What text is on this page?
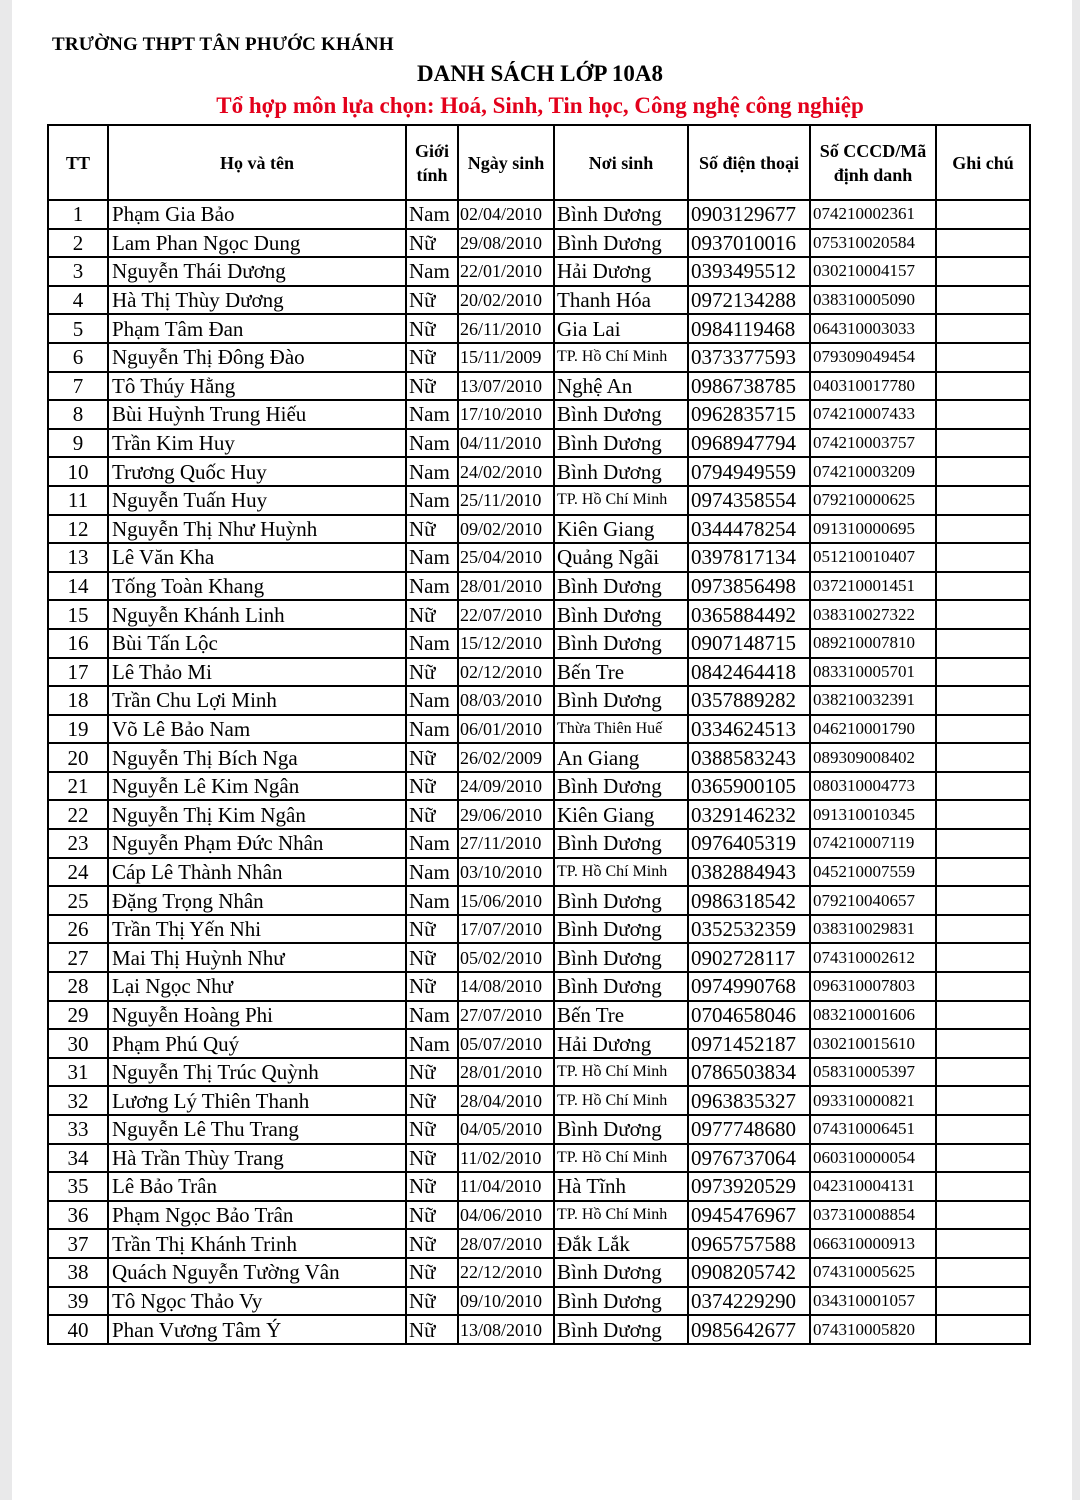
TRƯỜNG THPT TÂN PHƯỚC KHÁNH
DANH SÁCH LỚP 10A8
Tổ hợp môn lựa chọn: Hoá, Sinh, Tin học, Công nghệ công nghiệp
TT	Họ và tên	Giới tính	Ngày sinh	Nơi sinh	Số điện thoại	Số CCCD/Mã định danh	Ghi chú
1	Phạm Gia Bảo	Nam	02/04/2010	Bình Dương	0903129677	074210002361	
2	Lam Phan Ngọc Dung	Nữ	29/08/2010	Bình Dương	0937010016	075310020584	
3	Nguyễn Thái Dương	Nam	22/01/2010	Hải Dương	0393495512	030210004157	
4	Hà Thị Thùy Dương	Nữ	20/02/2010	Thanh Hóa	0972134288	038310005090	
5	Phạm Tâm Đan	Nữ	26/11/2010	Gia Lai	0984119468	064310003033	
6	Nguyễn Thị Đông Đào	Nữ	15/11/2009	TP. Hồ Chí Minh	0373377593	079309049454	
7	Tô Thúy Hằng	Nữ	13/07/2010	Nghệ An	0986738785	040310017780	
8	Bùi Huỳnh Trung Hiếu	Nam	17/10/2010	Bình Dương	0962835715	074210007433	
9	Trần Kim Huy	Nam	04/11/2010	Bình Dương	0968947794	074210003757	
10	Trương Quốc Huy	Nam	24/02/2010	Bình Dương	0794949559	074210003209	
11	Nguyễn Tuấn Huy	Nam	25/11/2010	TP. Hồ Chí Minh	0974358554	079210000625	
12	Nguyễn Thị Như Huỳnh	Nữ	09/02/2010	Kiên Giang	0344478254	091310000695	
13	Lê Văn Kha	Nam	25/04/2010	Quảng Ngãi	0397817134	051210010407	
14	Tống Toàn Khang	Nam	28/01/2010	Bình Dương	0973856498	037210001451	
15	Nguyễn Khánh Linh	Nữ	22/07/2010	Bình Dương	0365884492	038310027322	
16	Bùi Tấn Lộc	Nam	15/12/2010	Bình Dương	0907148715	089210007810	
17	Lê Thảo Mi	Nữ	02/12/2010	Bến Tre	0842464418	083310005701	
18	Trần Chu Lợi Minh	Nam	08/03/2010	Bình Dương	0357889282	038210032391	
19	Võ Lê Bảo Nam	Nam	06/01/2010	Thừa Thiên Huế	0334624513	046210001790	
20	Nguyễn Thị Bích Nga	Nữ	26/02/2009	An Giang	0388583243	089309008402	
21	Nguyễn Lê Kim Ngân	Nữ	24/09/2010	Bình Dương	0365900105	080310004773	
22	Nguyễn Thị Kim Ngân	Nữ	29/06/2010	Kiên Giang	0329146232	091310010345	
23	Nguyễn Phạm Đức Nhân	Nam	27/11/2010	Bình Dương	0976405319	074210007119	
24	Cáp Lê Thành Nhân	Nam	03/10/2010	TP. Hồ Chí Minh	0382884943	045210007559	
25	Đặng Trọng Nhân	Nam	15/06/2010	Bình Dương	0986318542	079210040657	
26	Trần Thị Yến Nhi	Nữ	17/07/2010	Bình Dương	0352532359	038310029831	
27	Mai Thị Huỳnh Như	Nữ	05/02/2010	Bình Dương	0902728117	074310002612	
28	Lại Ngọc Như	Nữ	14/08/2010	Bình Dương	0974990768	096310007803	
29	Nguyễn Hoàng Phi	Nam	27/07/2010	Bến Tre	0704658046	083210001606	
30	Phạm Phú Quý	Nam	05/07/2010	Hải Dương	0971452187	030210015610	
31	Nguyễn Thị Trúc Quỳnh	Nữ	28/01/2010	TP. Hồ Chí Minh	0786503834	058310005397	
32	Lương Lý Thiên Thanh	Nữ	28/04/2010	TP. Hồ Chí Minh	0963835327	093310000821	
33	Nguyễn Lê Thu Trang	Nữ	04/05/2010	Bình Dương	0977748680	074310006451	
34	Hà Trần Thùy Trang	Nữ	11/02/2010	TP. Hồ Chí Minh	0976737064	060310000054	
35	Lê Bảo Trân	Nữ	11/04/2010	Hà Tĩnh	0973920529	042310004131	
36	Phạm Ngọc Bảo Trân	Nữ	04/06/2010	TP. Hồ Chí Minh	0945476967	037310008854	
37	Trần Thị Khánh Trinh	Nữ	28/07/2010	Đắk Lắk	0965757588	066310000913	
38	Quách Nguyễn Tường Vân	Nữ	22/12/2010	Bình Dương	0908205742	074310005625	
39	Tô Ngọc Thảo Vy	Nữ	09/10/2010	Bình Dương	0374229290	034310001057	
40	Phan Vương Tâm Ý	Nữ	13/08/2010	Bình Dương	0985642677	074310005820	
